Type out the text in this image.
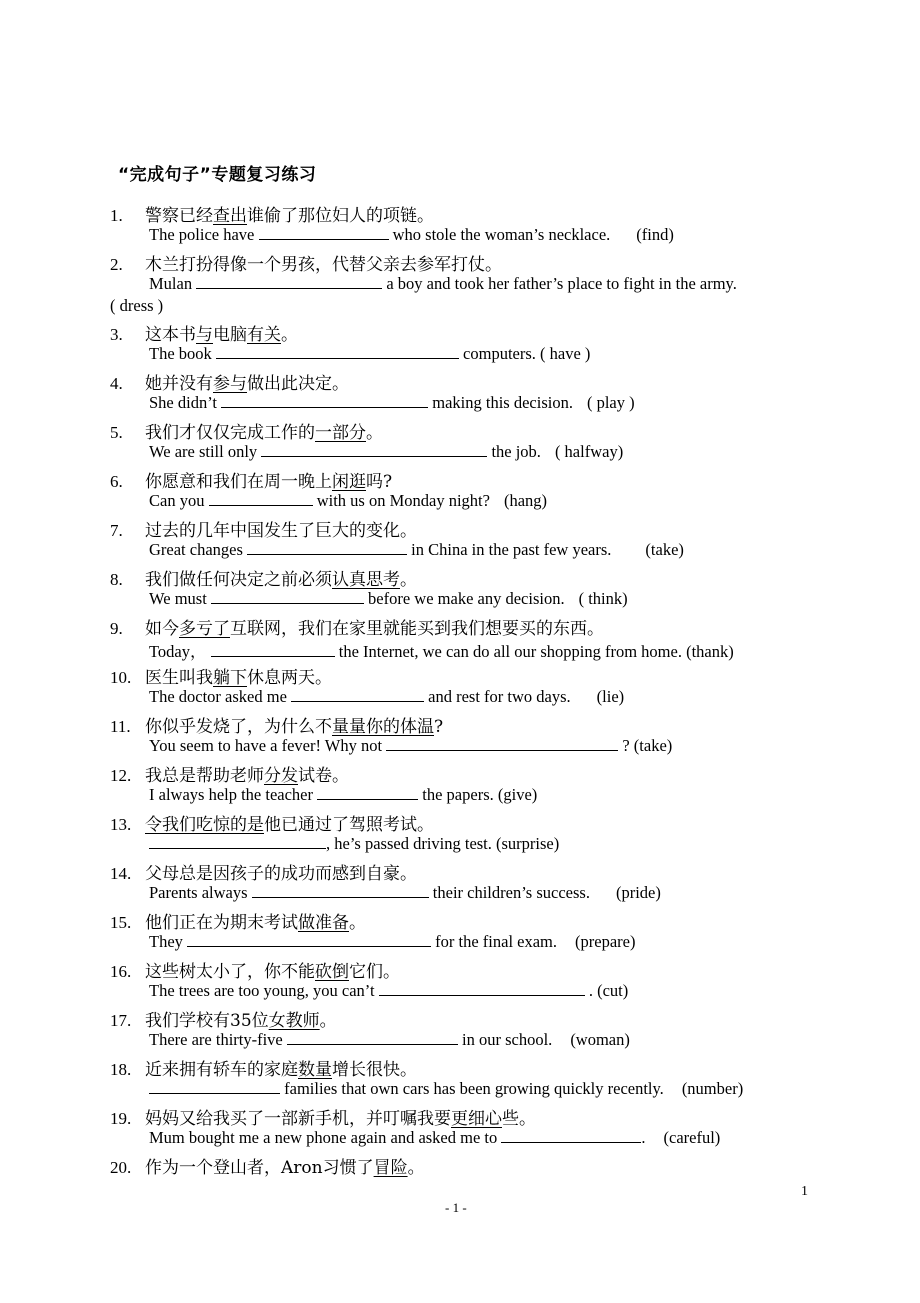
“完成句子”专题复习练习
1. 警察已经查出谁偷了那位妇人的项链。
The police have	who stole the woman’s necklace. (find)
2. 木兰打扮得像一个男孩，代替父亲去参军打仗。
Mulan	a boy and took her father’s place to fight in the army.
( dress )
3. 这本书与电脑有关。
The book	computers. ( have )
4. 她并没有参与做出此决定。
She didn’t	making this decision. ( play )
5. 我们才仅仅完成工作的一部分。
We are still only	the job. ( halfway)
6. 你愿意和我们在周一晚上闲逛吗?
Can you	with us on Monday night? (hang)
7. 过去的几年中国发生了巨大的变化。
Great changes	in China in the past few years. (take)
8. 我们做任何决定之前必须认真思考。
We must	before we make any decision. ( think)
9. 如今多亏了互联网，我们在家里就能买到我们想要买的东西。
Today，	the Internet, we can do all our shopping from home. (thank)
10. 医生叫我躺下休息两天。
The doctor asked me	and rest for two days. (lie)
11. 你似乎发烧了，为什么不量量你的体温?
You seem to have a fever! Why not	? (take)
12. 我总是帮助老师分发试卷。
I always help the teacher	the papers. (give)
13. 令我们吃惊的是他已通过了驾照考试。
, he’s passed driving test. (surprise)
14. 父母总是因孩子的成功而感到自豪。
Parents always	their children’s success. (pride)
15. 他们正在为期末考试做准备。
They	for the final exam. (prepare)
16. 这些树太小了，你不能砍倒它们。
The trees are too young, you can’t	. (cut)
17. 我们学校有35位女教师。
There are thirty-five	in our school. (woman)
18. 近来拥有轿车的家庭数量增长很快。
families that own cars has been growing quickly recently. (number)
19. 妈妈又给我买了一部新手机，并叮嘱我要更细心些。
Mum bought me a new phone again and asked me to	. (careful)
20. 作为一个登山者，Aron习惯了冒险。
1
- 1 -
